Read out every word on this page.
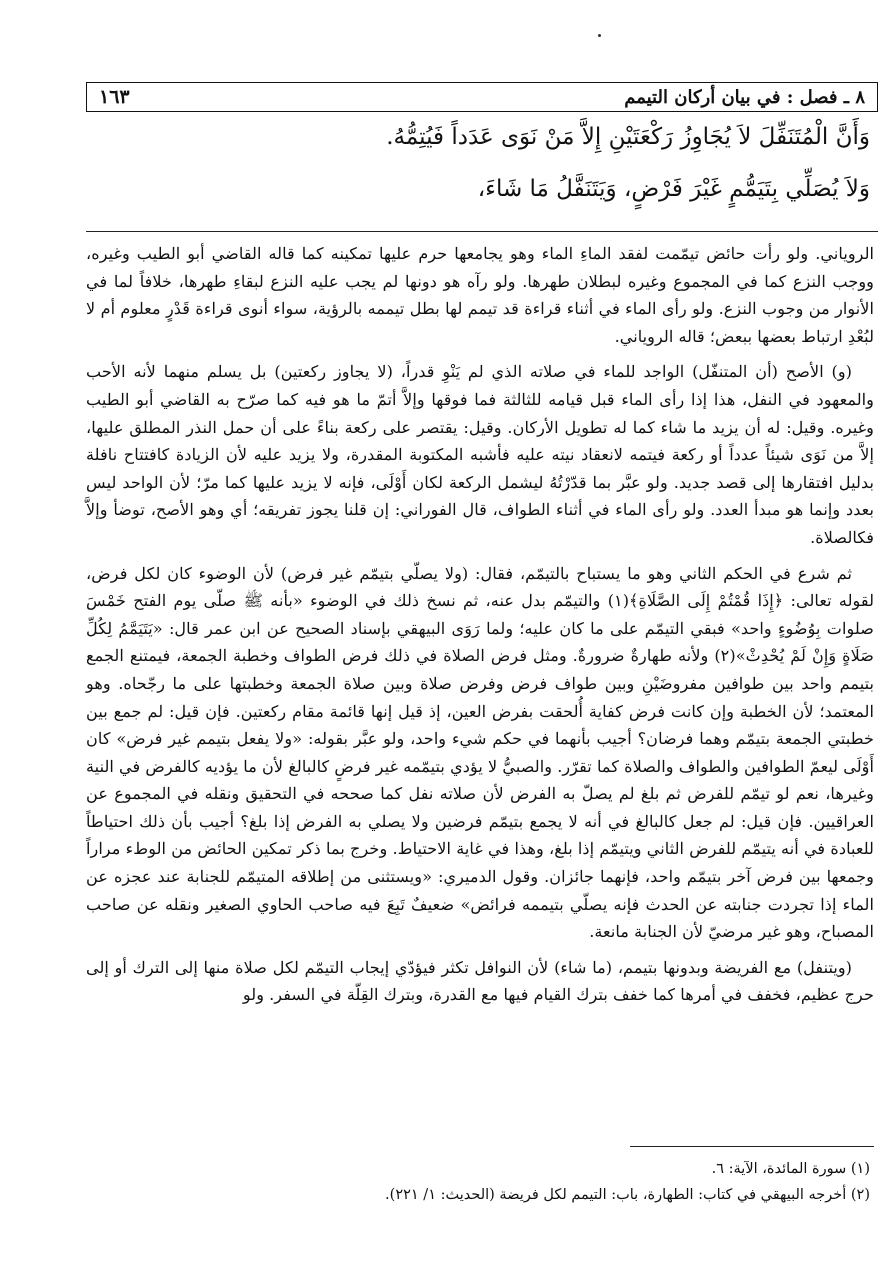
٨ ـ فصل : في بيان أركان التيمم
١٦٣
وَأَنَّ الْمُتَنَفِّلَ لاَ يُجَاوِزُ رَكْعَتَيْنِ إِلاَّ مَنْ نَوَى عَدَداً فَيُتِمُّهُ.
وَلاَ يُصَلِّي بِتَيَمُّمٍ غَيْرَ فَرْضٍ، وَيَتَنَفَّلُ مَا شَاءَ،

الروياني. ولو رأت حائض تيمّمت لفقد الماءِ الماء وهو يجامعها حرم عليها تمكينه كما قاله القاضي أبو الطيب وغيره، ووجب النزع كما في المجموع وغيره لبطلان طهرها. ولو رآه هو دونها لم يجب عليه النزع لبقاءِ طهرها، خلافاً لما في الأنوار من وجوب النزع. ولو رأى الماء في أثناء قراءة قد تيمم لها بطل تيممه بالرؤية، سواء أنوى قراءة قَدْرٍ معلوم أم لا لبُعْدِ ارتباط بعضها ببعض؛ قاله الروياني.

(و) الأصح (أن المتنفّل) الواجد للماء في صلاته الذي لم يَنْوِ قدراً، (لا يجاوز ركعتين) بل يسلم منهما لأنه الأحب والمعهود في النفل، هذا إذا رأى الماء قبل قيامه للثالثة فما فوقها وإلاَّ أتمّ ما هو فيه كما صرّح به القاضي أبو الطيب وغيره. وقيل: له أن يزيد ما شاء كما له تطويل الأركان. وقيل: يقتصر على ركعة بناءً على أن حمل النذر المطلق عليها، إلاَّ من نَوَى شيئاً عدداً أو ركعة فيتمه لانعقاد نيته عليه فأشبه المكتوبة المقدرة، ولا يزيد عليه لأن الزيادة كافتتاح نافلة بدليل افتقارها إلى قصد جديد. ولو عبَّر بما قدّرْتُهُ ليشمل الركعة لكان أَوْلَى، فإنه لا يزيد عليها كما مرّ؛ لأن الواحد ليس بعدد وإنما هو مبدأ العدد. ولو رأى الماء في أثناء الطواف، قال الفوراني: إن قلنا يجوز تفريقه؛ أي وهو الأصح، توضأ وإلاَّ فكالصلاة.

ثم شرع في الحكم الثاني وهو ما يستباح بالتيمّم، فقال: (ولا يصلّي بتيمّم غير فرض) لأن الوضوء كان لكل فرض، لقوله تعالى: ﴿إِذَا قُمْتُمْ إِلَى الصَّلَاةِ﴾(١) والتيمّم بدل عنه، ثم نسخ ذلك في الوضوء «بأنه ﷺ صلّى يوم الفتح خَمْسَ صلوات بِوُضُوءٍ واحد» فبقي التيمّم على ما كان عليه؛ ولما رَوَى البيهقي بإسناد الصحيح عن ابن عمر قال: «يَتَيَمَّمُ لِكُلِّ صَلَاةٍ وَإِنْ لَمْ يُحْدِثْ»(٢) ولأنه طهارةٌ ضرورةٌ. ومثل فرض الصلاة في ذلك فرض الطواف وخطبة الجمعة، فيمتنع الجمع بتيمم واحد بين طوافين مفروضَيْنِ وبين طواف فرض وفرض صلاة وبين صلاة الجمعة وخطبتها على ما رجّحاه. وهو المعتمد؛ لأن الخطبة وإن كانت فرض كفاية أُلحقت بفرض العين، إذ قيل إنها قائمة مقام ركعتين. فإن قيل: لم جمع بين خطبتي الجمعة بتيمّم وهما فرضان؟ أجيب بأنهما في حكم شيء واحد، ولو عبَّر بقوله: «ولا يفعل بتيمم غير فرض» كان أَوْلَى ليعمّ الطوافين والطواف والصلاة كما تقرّر. والصبيُّ لا يؤدي بتيمّمه غير فرضٍ كالبالغ لأن ما يؤديه كالفرض في النية وغيرها، نعم لو تيمّم للفرض ثم بلغ لم يصلّ به الفرض لأن صلاته نفل كما صححه في التحقيق ونقله في المجموع عن العراقيين. فإن قيل: لم جعل كالبالغ في أنه لا يجمع بتيمّم فرضين ولا يصلي به الفرض إذا بلغ؟ أجيب بأن ذلك احتياطاً للعبادة في أنه يتيمّم للفرض الثاني ويتيمّم إذا بلغ، وهذا في غاية الاحتياط. وخرج بما ذكر تمكين الحائض من الوطء مراراً وجمعها بين فرض آخر بتيمّم واحد، فإنهما جائزان. وقول الدميري: «ويستثنى من إطلاقه المتيمّم للجنابة عند عجزه عن الماء إذا تجردت جنابته عن الحدث فإنه يصلّي بتيممه فرائض» ضعيفٌ تَبِعَ فيه صاحب الحاوي الصغير ونقله عن صاحب المصباح، وهو غير مرضيّ لأن الجنابة مانعة.

(ويتنفل) مع الفريضة وبدونها بتيمم، (ما شاء) لأن النوافل تكثر فيؤدّي إيجاب التيمّم لكل صلاة منها إلى الترك أو إلى حرج عظيم، فخفف في أمرها كما خفف بترك القيام فيها مع القدرة، وبترك القِلّة في السفر. ولو

(١) سورة المائدة، الآية: ٦.
(٢) أخرجه البيهقي في كتاب: الطهارة، باب: التيمم لكل فريضة (الحديث: ١/ ٢٢١).
